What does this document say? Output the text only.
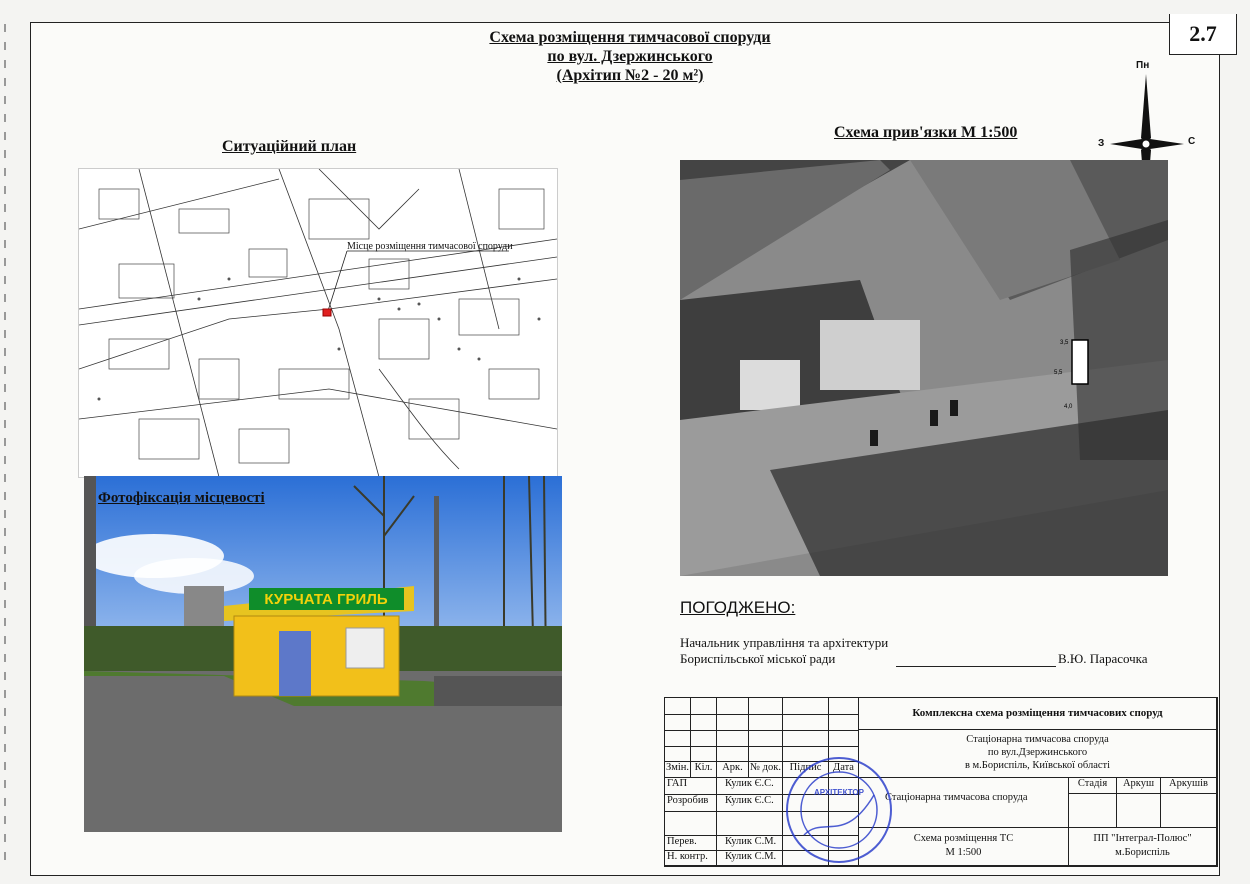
2.7
Схема розміщення тимчасової споруди
по вул. Дзержинського
(Архітип №2 - 20 м²)
Ситуаційний план
Схема прив'язки М 1:500
Пн
З	С
Місце розміщення тимчасової споруди
КУРЧАТА ГРИЛЬ
Фотофіксація місцевості
3,5
5,5
4,0
ПОГОДЖЕНО:
Начальник управління та архітектури
Бориспільської міської ради	В.Ю. Парасочка
Змін. Кіл. Арк. № док. Підпис	Дата
ГАП	Кулик Є.С.
Розробив	Кулик Є.С.
Перев.	Кулик С.М.
Н. контр.	Кулик С.М.
Комплексна схема розміщення тимчасових споруд
Стаціонарна тимчасова споруда
по вул.Дзержинського
в м.Бориспіль, Київської області
Стаціонарна тимчасова споруда
Стадія	Аркуш	Аркушів
Схема розміщення ТС
М 1:500
ПП "Інтеграл-Полюс"
м.Бориспіль
АРХІТЕКТОР
